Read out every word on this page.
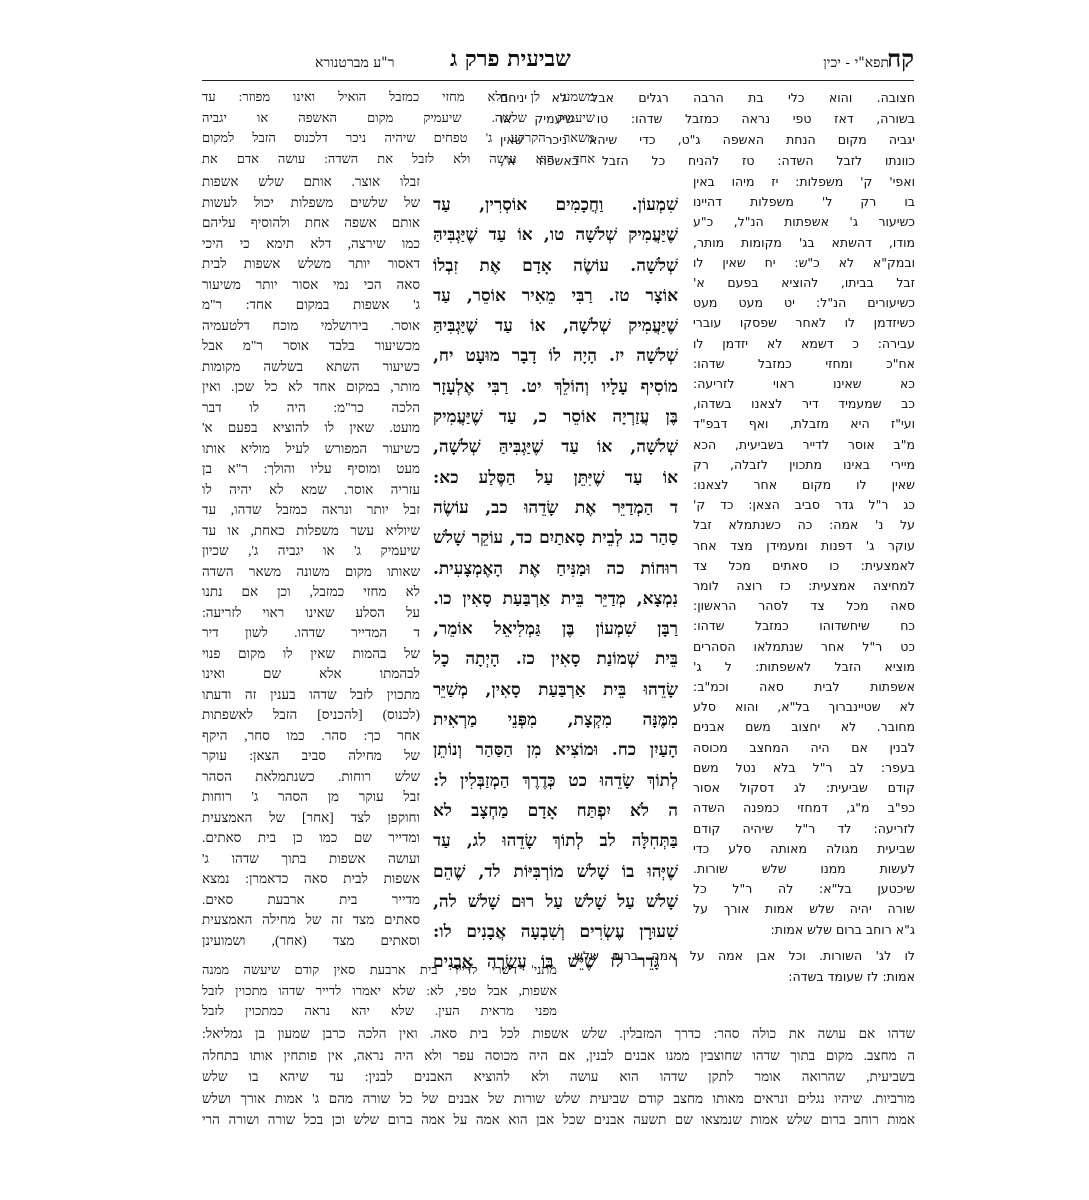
קח
תפא"י - יכין
שביעית פרק ג
ר"ע מברטנורא
חצובה. והוא כלי בת הרבה רגלים אבל לא יניחם
בשורה, דאז טפי נראה כמזבל שדהו: טו שיעמיק או
יגביה מקום הנחת האשפה ג"ט, כדי שיהא ניכר שאין
כוונתו לזבל השדה: טז להניח כל הזבל באשפה א',
משמע לן דלא מחזי כמזבל הואיל ואינו מפוזר: עד
שיעמיק שלשה. שיעמיק מקום האשפה או יגביה
משאר הקרקע ג' טפחים שיהיה ניכר דלכנוס הזבל למקום
אחד הוא עושה ולא לזבל את השדה: עושה אדם את
ואפי' ק' משפלות: יז מיהו באין
בו רק ל' משפלות דהיינו
כשיעור ג' אשפתות הנ"ל, כ"ע
מודו, דהשתא בג' מקומות מותר,
ובמק"א לא כ"ש: יח שאין לו
זבל בביתו, להוציא בפעם א'
כשיעורים הנ"ל: יט מעט מעט
כשיזדמן לו לאחר שפסקו עוברי
עבירה: כ דשמא לא יזדמן לו
אח"כ ומחזי כמזבל שדהו:
כא שאינו ראוי לזריעה:
כב שמעמיד דיר לצאנו בשדהו,
ועי"ז היא מזבלת, ואף דבפ"ד
מ"ב אוסר לדייר בשביעית, הכא
מיירי באינו מתכוין לזבלה, רק
שאין לו מקום אחר לצאנו:
כג ר"ל גדר סביב הצאן: כד ק'
על נ' אמה: כה כשנתמלא זבל
עוקר ג' דפנות ומעמידן מצד אחר
לאמצעית: כו סאתים מכל צד
למחיצה אמצעית: כז רוצה לומר
סאה מכל צד לסהר הראשון:
כח שיחשדוהו כמזבל שדהו:
כט ר"ל אחר שנתמלאו הסהרים
מוציא הזבל לאשפתות: ל ג'
אשפתות לבית סאה וכמ"ב:
לא שטיינברוך בל"א, והוא סלע
מחובר. לא יחצוב משם אבנים
לבנין אם היה המחצב מכוסה
בעפר: לב ר"ל בלא נטל משם
קודם שביעית: לג דסקול אסור
כפ"ב מ"ג, דמחזי כמפנה השדה
לזריעה: לד ר"ל שיהיה קודם
שביעית מגולה מאותה סלע כדי
לעשות ממנו שלש שורות.
שיכטען בל"א: לה ר"ל כל
שורה יהיה שלש אמות אורך על
ג"א רוחב ברום שלש אמות:
שִׁמְעוֹן. וַחֲכָמִים אוֹסְרִין, עַד
שֶׁיַּעֲמִיק שְׁלשָׁה טו, אוֹ עַד שֶׁיַּגְבִּיהַּ
שְׁלשָׁה. עוֹשֶׂה אָדָם אֶת זִבְלוֹ
אוֹצָר טז. רַבִּי מֵאִיר אוֹסֵר, עַד
שֶׁיַּעֲמִיק שְׁלשָׁה, אוֹ עַד שֶׁיַּגְבִּיהַּ
שְׁלשָׁה יז. הָיָה לוֹ דָבָר מוּעָט יח,
מוֹסִיף עָלָיו וְהוֹלֵךְ יט. רַבִּי אֶלְעָזָר
בֶּן עֲזַרְיָה אוֹסֵר כ, עַד שֶׁיַּעֲמִיק
שְׁלשָׁה, אוֹ עַד שֶׁיַּגְבִּיהַּ שְׁלשָׁה,
אוֹ עַד שֶׁיִּתֵּן עַל הַסֶּלַע כא:
ד הַמְדַיֵּר אֶת שָׂדֵהוּ כב, עוֹשֶׂה
סַהַר כג לְבֵית סָאתַיִם כד, עוֹקֵר שָׁלשׁ
רוּחוֹת כה וּמַנִּיחַ אֶת הָאֶמְצָעִית.
נִמְצָא, מְדַיֵּר בֵּית אַרְבַּעַת סָאִין כו.
רַבָּן שִׁמְעוֹן בֶּן גַּמְלִיאֵל אוֹמֵר,
בֵּית שְׁמוֹנַת סָאִין כז. הָיְתָה כָל
שָׂדֵהוּ בֵּית אַרְבַּעַת סָאִין, מְשַׁיֵּר
מִמֶּנָּה מִקְצָת, מִפְּנֵי מַרְאִית
הָעַיִן כח. וּמוֹצִיא מִן הַסַּהַר וְנוֹתֵן
לְתוֹךְ שָׂדֵהוּ כט כְּדֶרֶךְ הַמְזַבְּלִין ל:
ה לֹא יִפְתַּח אָדָם מַחְצָב לא
בַּתְּחִלָּה לב לְתוֹךְ שָׂדֵהוּ לג, עַד
שֶׁיְּהוּ בוֹ שָׁלשׁ מוֹרְבִּיּוֹת לד, שֶׁהֵם
שָׁלשׁ עַל שָׁלשׁ עַל רוּם שָׁלשׁ לה,
שִׁעוּרָן עֶשְׂרִים וְשִׁבְעָה אֲבָנִים לו:
ו גָּדֵר לז שֶׁיֵּשׁ בּוֹ עֲשָׂרָה אֲבָנִים
זבלו אוצר. אותם שלש אשפות
של שלשים משפלות יכול לעשות
אותם אשפה אחת ולהוסיף עליהם
כמו שירצה, דלא תימא כי היכי
דאסור יותר משלש אשפות לבית
סאה הכי נמי אסור יותר משיעור
ג' אשפות במקום אחד: ר"מ
אוסר. בירושלמי מוכח דלטעמיה
מכשיעור בלבד אוסר ר"מ אבל
כשיעור השתא בשלשה מקומות
מותר, במקום אחד לא כל שכן. ואין
הלכה כר"מ: היה לו דבר
מועט. שאין לו להוציא בפעם א'
כשיעור המפורש לעיל מוליא אותו
מעט ומוסיף עליו והולך: ר"א בן
עזריה אוסר. שמא לא יהיה לו
זבל יותר ונראה כמזבל שדהו, עד
שיוליא עשר משפלות כאחת, או עד
שיעמיק ג' או יגביה ג', שכיון
שאותו מקום משונה משאר השדה
לא מחזי כמזבל, וכן אם נתנו
על הסלע שאינו ראוי לזריעה:
ד המדייר שדהו. לשון דיר
של בהמות שאין לו מקום פנוי
לבהמתו אלא שם ואינו
מתכוין לזבל שדהו בענין זה ודעתו
(לכנוס) [להכניס] הזבל לאשפתות
אחר כך: סהר. כמו סחר, היקף
של מחילה סביב הצאן: עוקר
שלש רוחות. כשנתמלאת הסהר
זבל עוקר מן הסהר ג' רוחות
וחוקפן לצד [אחר] של האמצעית
ומדייר שם כמו כן בית סאתים.
ועושה אשפות בתוך שדהו ג'
אשפות לבית סאה כדאמרן: נמצא
מדייר בית ארבעת סאים.
סאתים מצד זה של מחילה האמצעית
וסאתים מצד (אחר), ושמועינן
מתני' דשרי לדייר בית ארבעת סאין קודם שיעשה ממנה
אשפות, אבל טפי, לא: שלא יאמרו לדייר שדהו מתכוין לזבל
מפני מראית העין. שלא יהא נראה כמתכוין לזבל
לו לג' השורות. וכל אבן אמה על אמה ברום שלש
אמות: לז שעומד בשדה:
שדהו אם עושה את כולה סהר: כדרך המזבלין. שלש אשפות לכל בית סאה. ואין הלכה כרבן שמעון בן גמליאל:
ה מחצב. מקום בתוך שדהו שחוצבין ממנו אבנים לבנין, אם היה מכוסה עפר ולא היה נראה, אין פותחין אותו בתחלה
בשביעית, שהרואה אומר לתקן שדהו הוא עושה ולא להוציא האבנים לבנין: עד שיהא בו שלש
מורביות. שיהיו נגלים ונראים מאותו מחצב קודם שביעית שלש שורות של אבנים של כל שורה מהם ג' אמות אורך ושלש
אמות רוחב ברום שלש אמות שנמצאו שם תשעה אבנים שכל אבן הוא אמה על אמה ברום שלש וכן בכל שורה ושורה הרי
